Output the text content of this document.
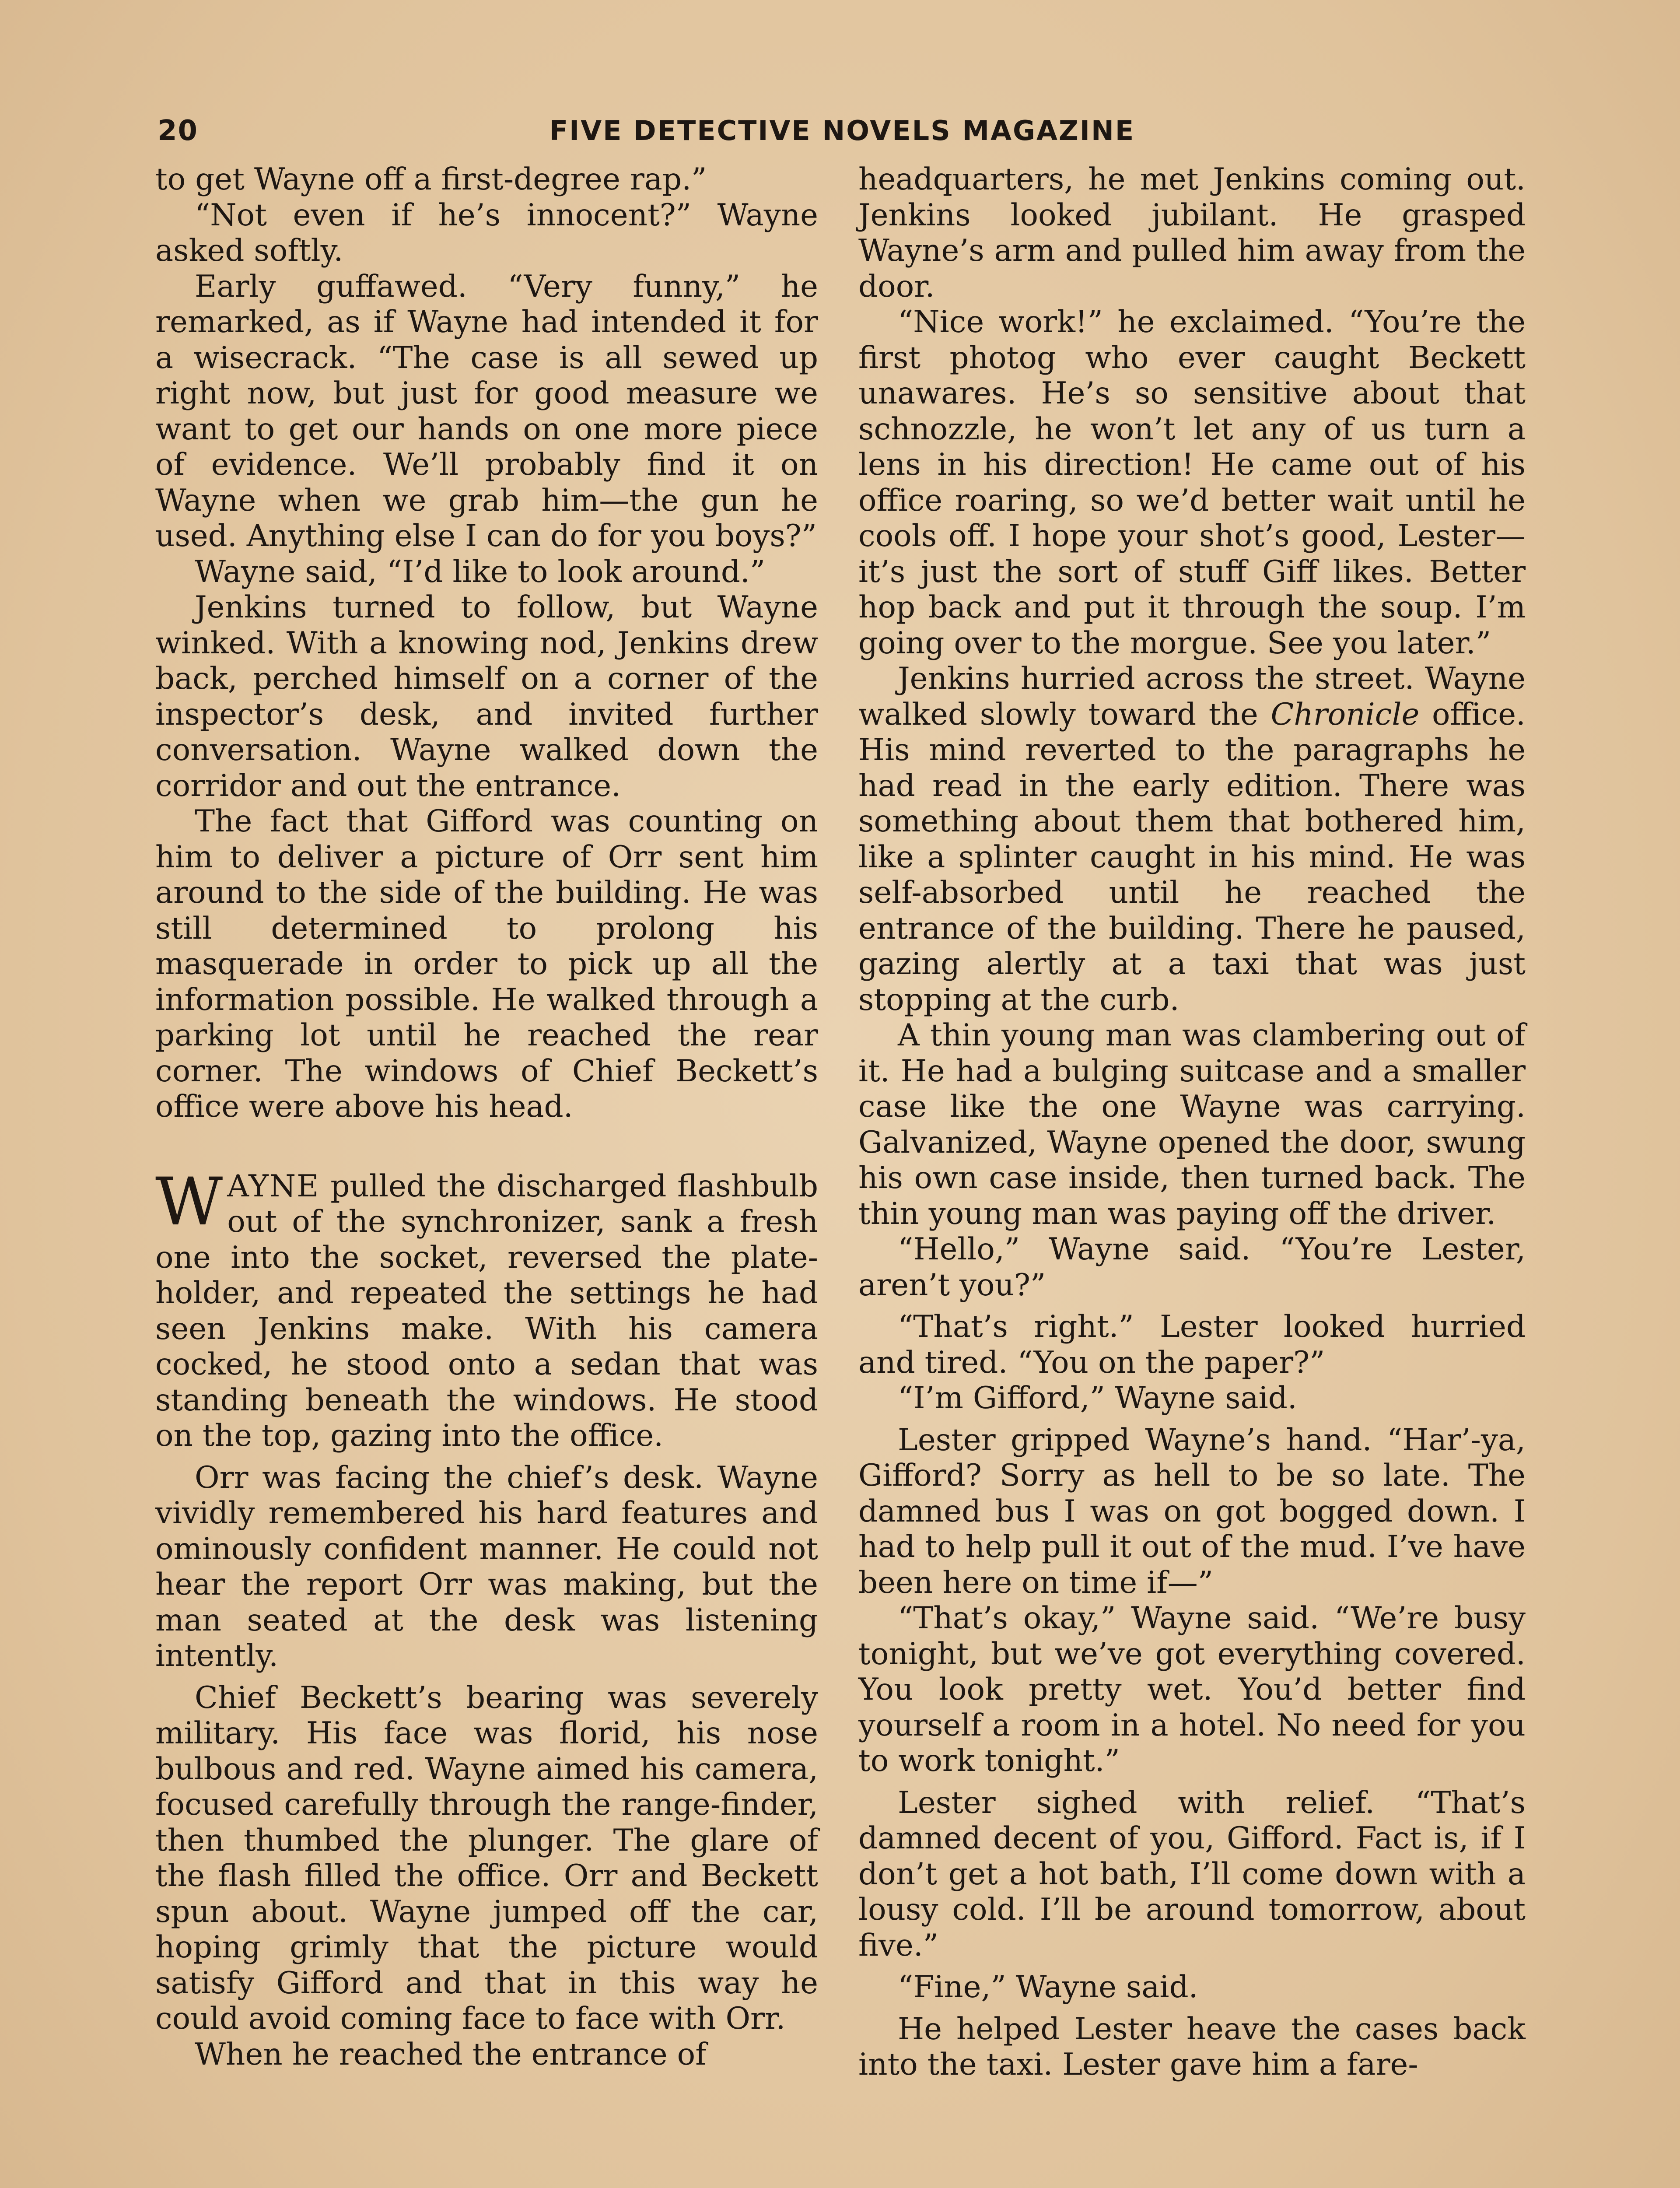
20	FIVE DETECTIVE NOVELS MAGAZINE

to get Wayne off a first-degree rap.”

“Not even if he’s innocent?” Wayne asked softly.

Early guffawed. “Very funny,” he remarked, as if Wayne had intended it for a wisecrack. “The case is all sewed up right now, but just for good measure we want to get our hands on one more piece of evidence. We’ll probably find it on Wayne when we grab him—the gun he used. Anything else I can do for you boys?”

Wayne said, “I’d like to look around.”

Jenkins turned to follow, but Wayne winked. With a knowing nod, Jenkins drew back, perched himself on a corner of the inspector’s desk, and invited further conversation. Wayne walked down the corridor and out the entrance.

The fact that Gifford was counting on him to deliver a picture of Orr sent him around to the side of the building. He was still determined to prolong his masquerade in order to pick up all the information possible. He walked through a parking lot until he reached the rear corner. The windows of Chief Beckett’s office were above his head.

WAYNE pulled the discharged flashbulb out of the synchronizer, sank a fresh one into the socket, reversed the plate-holder, and repeated the settings he had seen Jenkins make. With his camera cocked, he stood onto a sedan that was standing beneath the windows. He stood on the top, gazing into the office.

Orr was facing the chief’s desk. Wayne vividly remembered his hard features and ominously confident manner. He could not hear the report Orr was making, but the man seated at the desk was listening intently.

Chief Beckett’s bearing was severely military. His face was florid, his nose bulbous and red. Wayne aimed his camera, focused carefully through the range-finder, then thumbed the plunger. The glare of the flash filled the office. Orr and Beckett spun about. Wayne jumped off the car, hoping grimly that the picture would satisfy Gifford and that in this way he could avoid coming face to face with Orr.

When he reached the entrance of

headquarters, he met Jenkins coming out. Jenkins looked jubilant. He grasped Wayne’s arm and pulled him away from the door.

“Nice work!” he exclaimed. “You’re the first photog who ever caught Beckett unawares. He’s so sensitive about that schnozzle, he won’t let any of us turn a lens in his direction! He came out of his office roaring, so we’d better wait until he cools off. I hope your shot’s good, Lester—it’s just the sort of stuff Giff likes. Better hop back and put it through the soup. I’m going over to the morgue. See you later.”

Jenkins hurried across the street. Wayne walked slowly toward the Chronicle office. His mind reverted to the paragraphs he had read in the early edition. There was something about them that bothered him, like a splinter caught in his mind. He was self-absorbed until he reached the entrance of the building. There he paused, gazing alertly at a taxi that was just stopping at the curb.

A thin young man was clambering out of it. He had a bulging suitcase and a smaller case like the one Wayne was carrying. Galvanized, Wayne opened the door, swung his own case inside, then turned back. The thin young man was paying off the driver.

“Hello,” Wayne said. “You’re Lester, aren’t you?”

“That’s right.” Lester looked hurried and tired. “You on the paper?”

“I’m Gifford,” Wayne said.

Lester gripped Wayne’s hand. “Har’-ya, Gifford? Sorry as hell to be so late. The damned bus I was on got bogged down. I had to help pull it out of the mud. I’ve have been here on time if—”

“That’s okay,” Wayne said. “We’re busy tonight, but we’ve got everything covered. You look pretty wet. You’d better find yourself a room in a hotel. No need for you to work tonight.”

Lester sighed with relief. “That’s damned decent of you, Gifford. Fact is, if I don’t get a hot bath, I’ll come down with a lousy cold. I’ll be around tomorrow, about five.”

“Fine,” Wayne said.

He helped Lester heave the cases back into the taxi. Lester gave him a fare-
